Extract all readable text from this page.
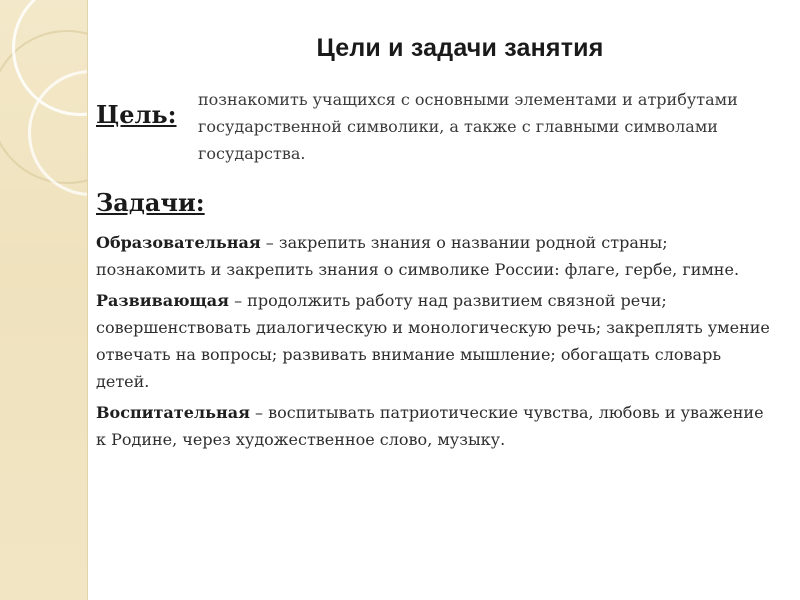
Цели и задачи занятия
Цель:
познакомить учащихся с основными элементами и атрибутами государственной символики, а также с главными символами государства.
Задачи:

Образовательная – закрепить знания о названии родной страны; познакомить и закрепить знания о символике России: флаге, гербе, гимне.

Развивающая – продолжить работу над развитием связной речи; совершенствовать диалогическую и монологическую речь; закреплять умение отвечать на вопросы; развивать внимание мышление; обогащать словарь детей.

Воспитательная – воспитывать патриотические чувства, любовь и уважение к Родине, через художественное слово, музыку.
